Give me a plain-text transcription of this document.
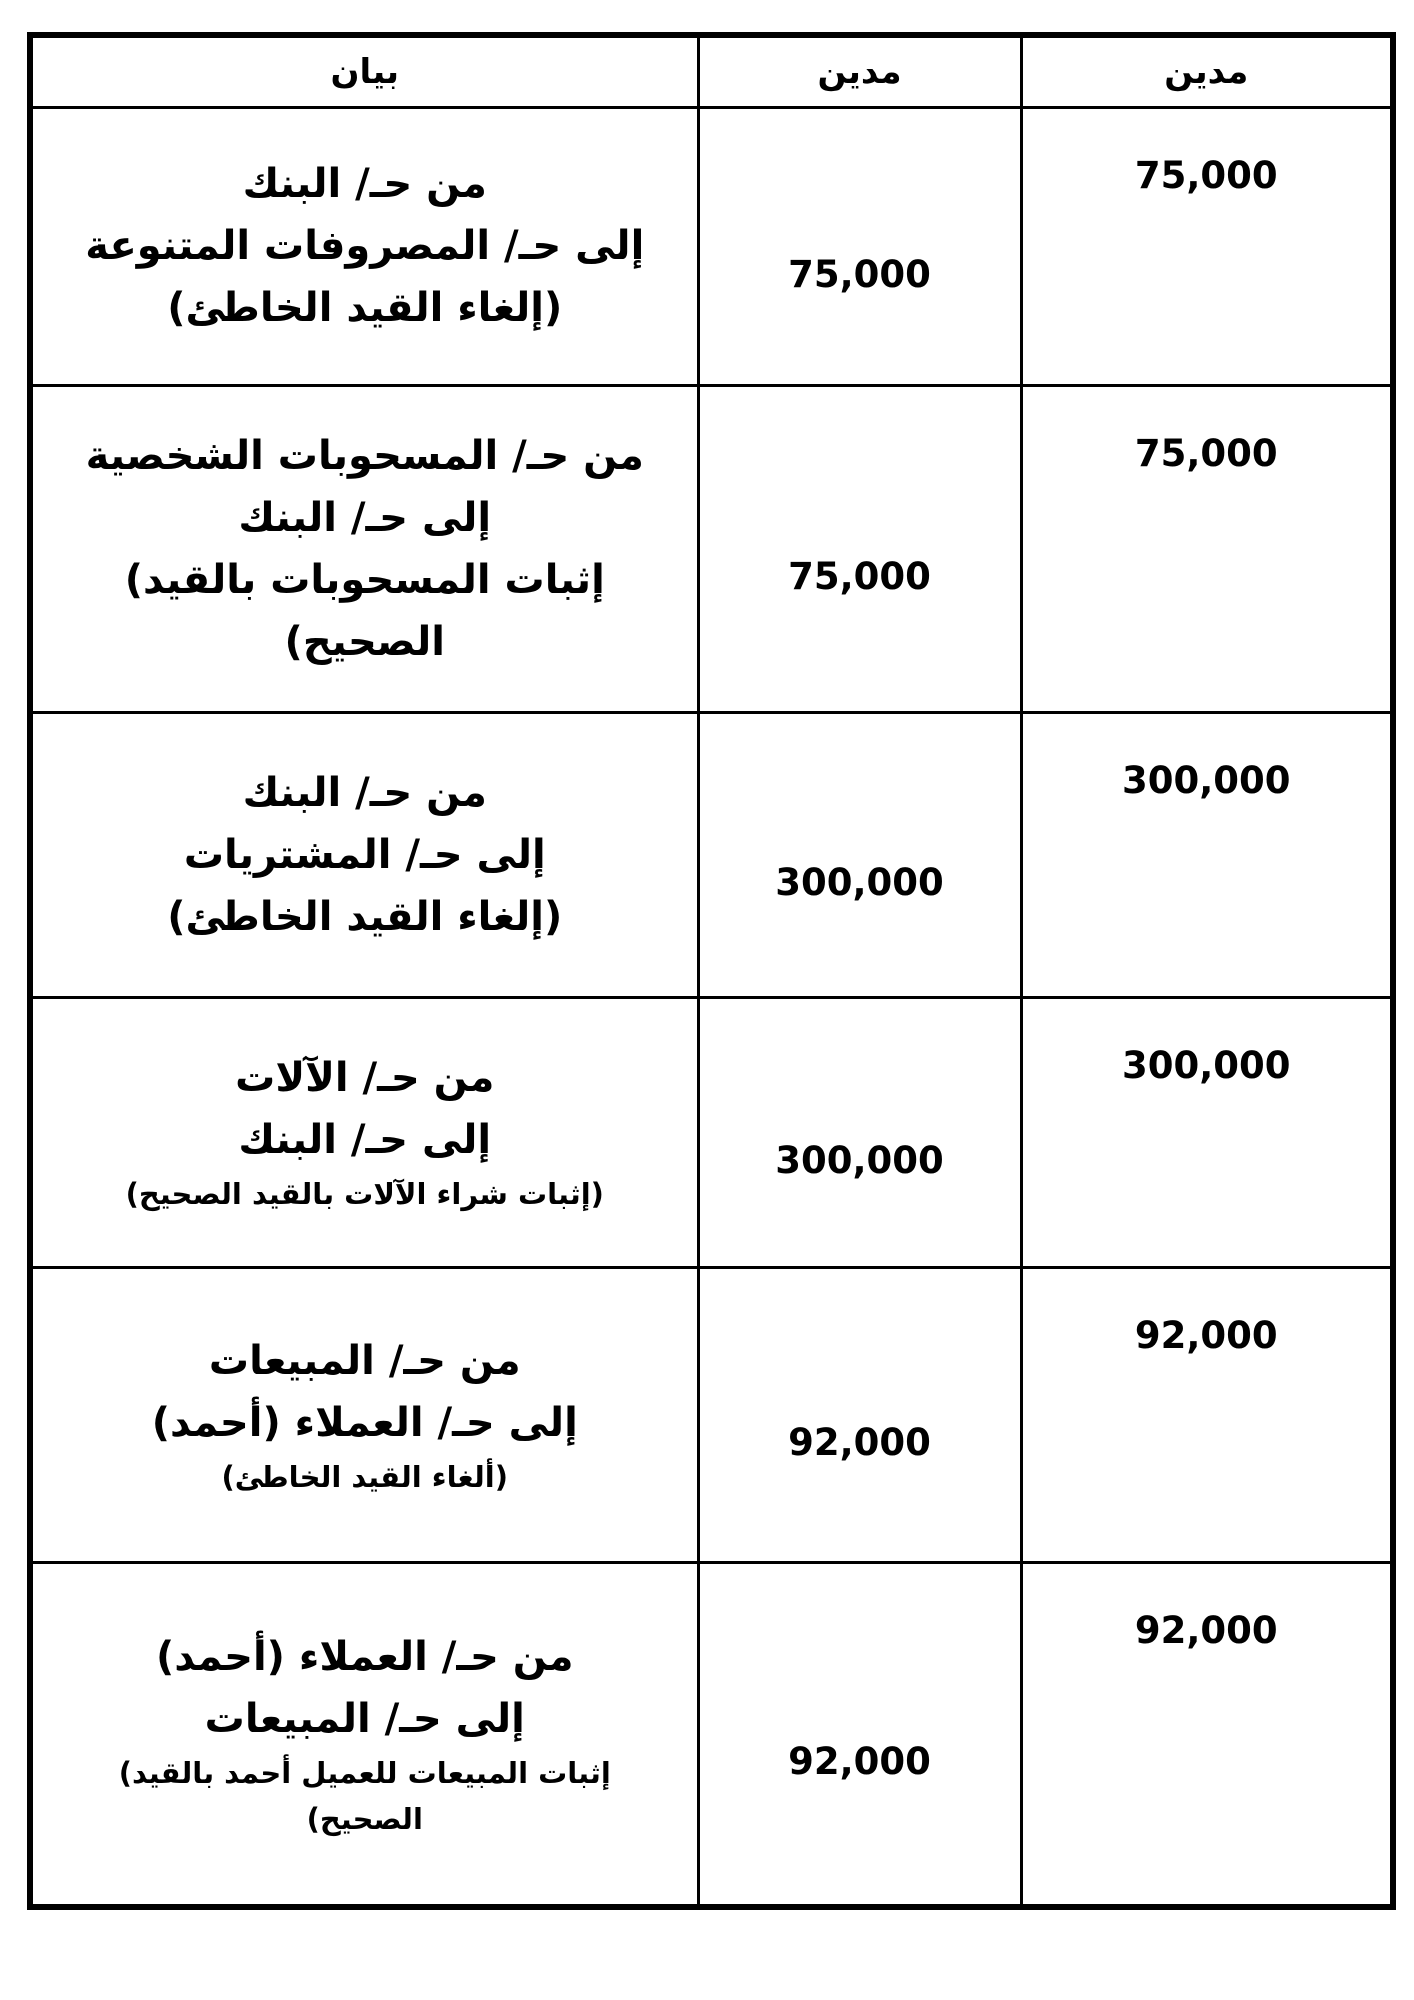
مدين	مدين	بيان

75,000	75,000	من حـ/ البنك
إلى حـ/ المصروفات المتنوعة
(إلغاء القيد الخاطئ)

75,000	75,000	من حـ/ المسحوبات الشخصية
إلى حـ/ البنك
(إثبات المسحوبات بالقيد
الصحيح)

300,000	300,000	من حـ/ البنك
إلى حـ/ المشتريات
(إلغاء القيد الخاطئ)

300,000	300,000	من حـ/ الآلات
إلى حـ/ البنك
(إثبات شراء الآلات بالقيد الصحيح)

92,000	92,000	من حـ/ المبيعات
إلى حـ/ العملاء (أحمد)
(ألغاء القيد الخاطئ)

92,000	92,000	من حـ/ العملاء (أحمد)
إلى حـ/ المبيعات
(إثبات المبيعات للعميل أحمد بالقيد
الصحيح)
